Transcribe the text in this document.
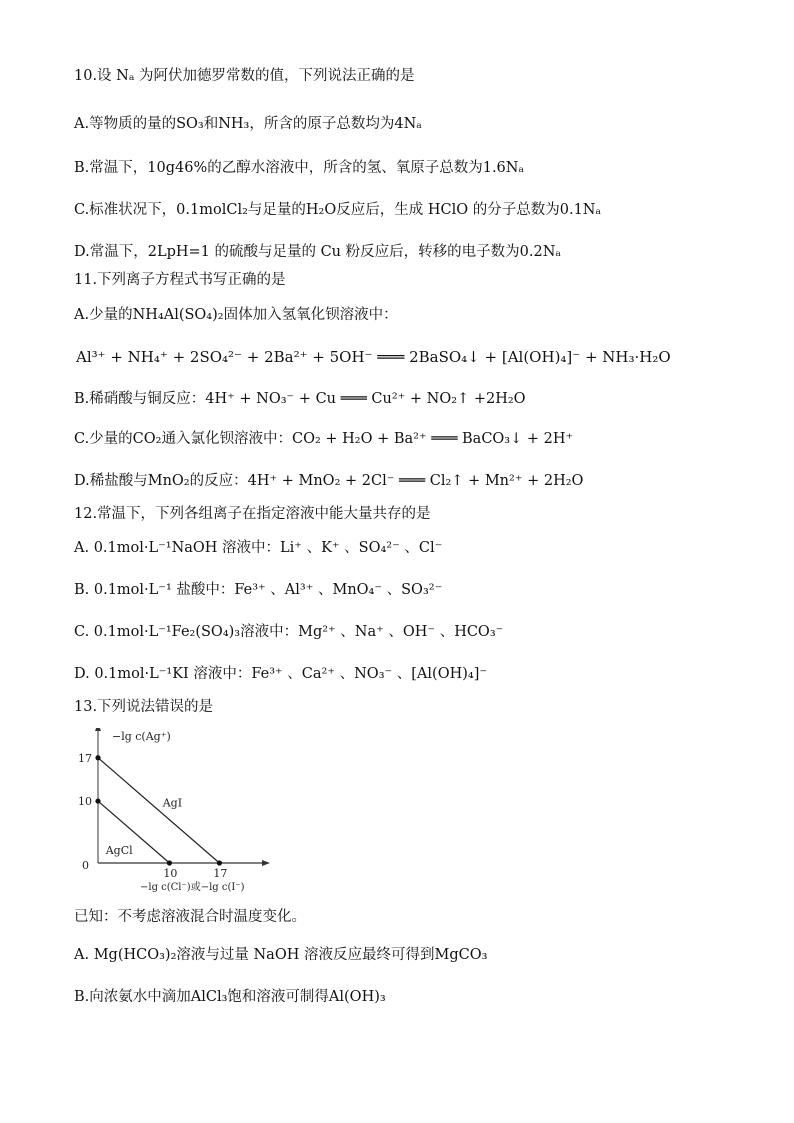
10.设 Nₐ 为阿伏加德罗常数的值，下列说法正确的是
A.等物质的量的SO₃和NH₃，所含的原子总数均为4Nₐ
B.常温下，10g46%的乙醇水溶液中，所含的氢、氧原子总数为1.6Nₐ
C.标准状况下，0.1molCl₂与足量的H₂O反应后，生成 HClO 的分子总数为0.1Nₐ
D.常温下，2LpH=1 的硫酸与足量的 Cu 粉反应后，转移的电子数为0.2Nₐ
11.下列离子方程式书写正确的是
A.少量的NH₄Al(SO₄)₂固体加入氢氧化钡溶液中：
Al³⁺ + NH₄⁺ + 2SO₄²⁻ + 2Ba²⁺ + 5OH⁻ ═══ 2BaSO₄↓ + [Al(OH)₄]⁻ + NH₃·H₂O
B.稀硝酸与铜反应：4H⁺ + NO₃⁻ + Cu ═══ Cu²⁺ + NO₂↑ +2H₂O
C.少量的CO₂通入氯化钡溶液中：CO₂ + H₂O + Ba²⁺ ═══ BaCO₃↓ + 2H⁺
D.稀盐酸与MnO₂的反应：4H⁺ + MnO₂ + 2Cl⁻ ═══ Cl₂↑ + Mn²⁺ + 2H₂O
12.常温下，下列各组离子在指定溶液中能大量共存的是
A. 0.1mol·L⁻¹NaOH 溶液中：Li⁺ 、K⁺ 、SO₄²⁻ 、Cl⁻
B. 0.1mol·L⁻¹ 盐酸中：Fe³⁺ 、Al³⁺ 、MnO₄⁻ 、SO₃²⁻
C. 0.1mol·L⁻¹Fe₂(SO₄)₃溶液中：Mg²⁺ 、Na⁺ 、OH⁻ 、HCO₃⁻
D. 0.1mol·L⁻¹KI 溶液中：Fe³⁺ 、Ca²⁺ 、NO₃⁻ 、[Al(OH)₄]⁻
13.下列说法错误的是
已知：不考虑溶液混合时温度变化。
A. Mg(HCO₃)₂溶液与过量 NaOH 溶液反应最终可得到MgCO₃
B.向浓氨水中滴加AlCl₃饱和溶液可制得Al(OH)₃
10	17
10
17
AgCl
AgI
−lg c(Ag⁺)
−lg c(Cl⁻)或−lg c(I⁻)
0
